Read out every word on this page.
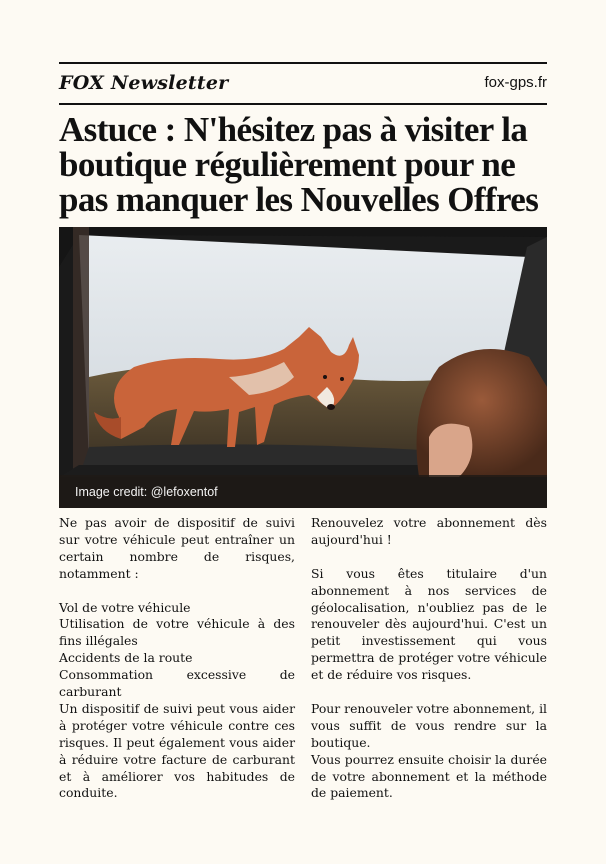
FOX Newsletter	fox-gps.fr
Astuce : N'hésitez pas à visiter la boutique régulièrement pour ne pas manquer les Nouvelles Offres
Image credit: @lefoxentof

Ne pas avoir de dispositif de suivi sur votre véhicule peut entraîner un certain nombre de risques, notamment :

Vol de votre véhicule

Utilisation de votre véhicule à des fins illégales

Accidents de la route

Consommation excessive de carburant

Un dispositif de suivi peut vous aider à protéger votre véhicule contre ces risques. Il peut également vous aider à réduire votre facture de carburant et à améliorer vos habitudes de conduite.

Renouvelez votre abonnement dès aujourd'hui !

Si vous êtes titulaire d'un abonnement à nos services de géolocalisation, n'oubliez pas de le renouveler dès aujourd'hui. C'est un petit investissement qui vous permettra de protéger votre véhicule et de réduire vos risques.

Pour renouveler votre abonnement, il vous suffit de vous rendre sur la boutique.

Vous pourrez ensuite choisir la durée de votre abonnement et la méthode de paiement.
